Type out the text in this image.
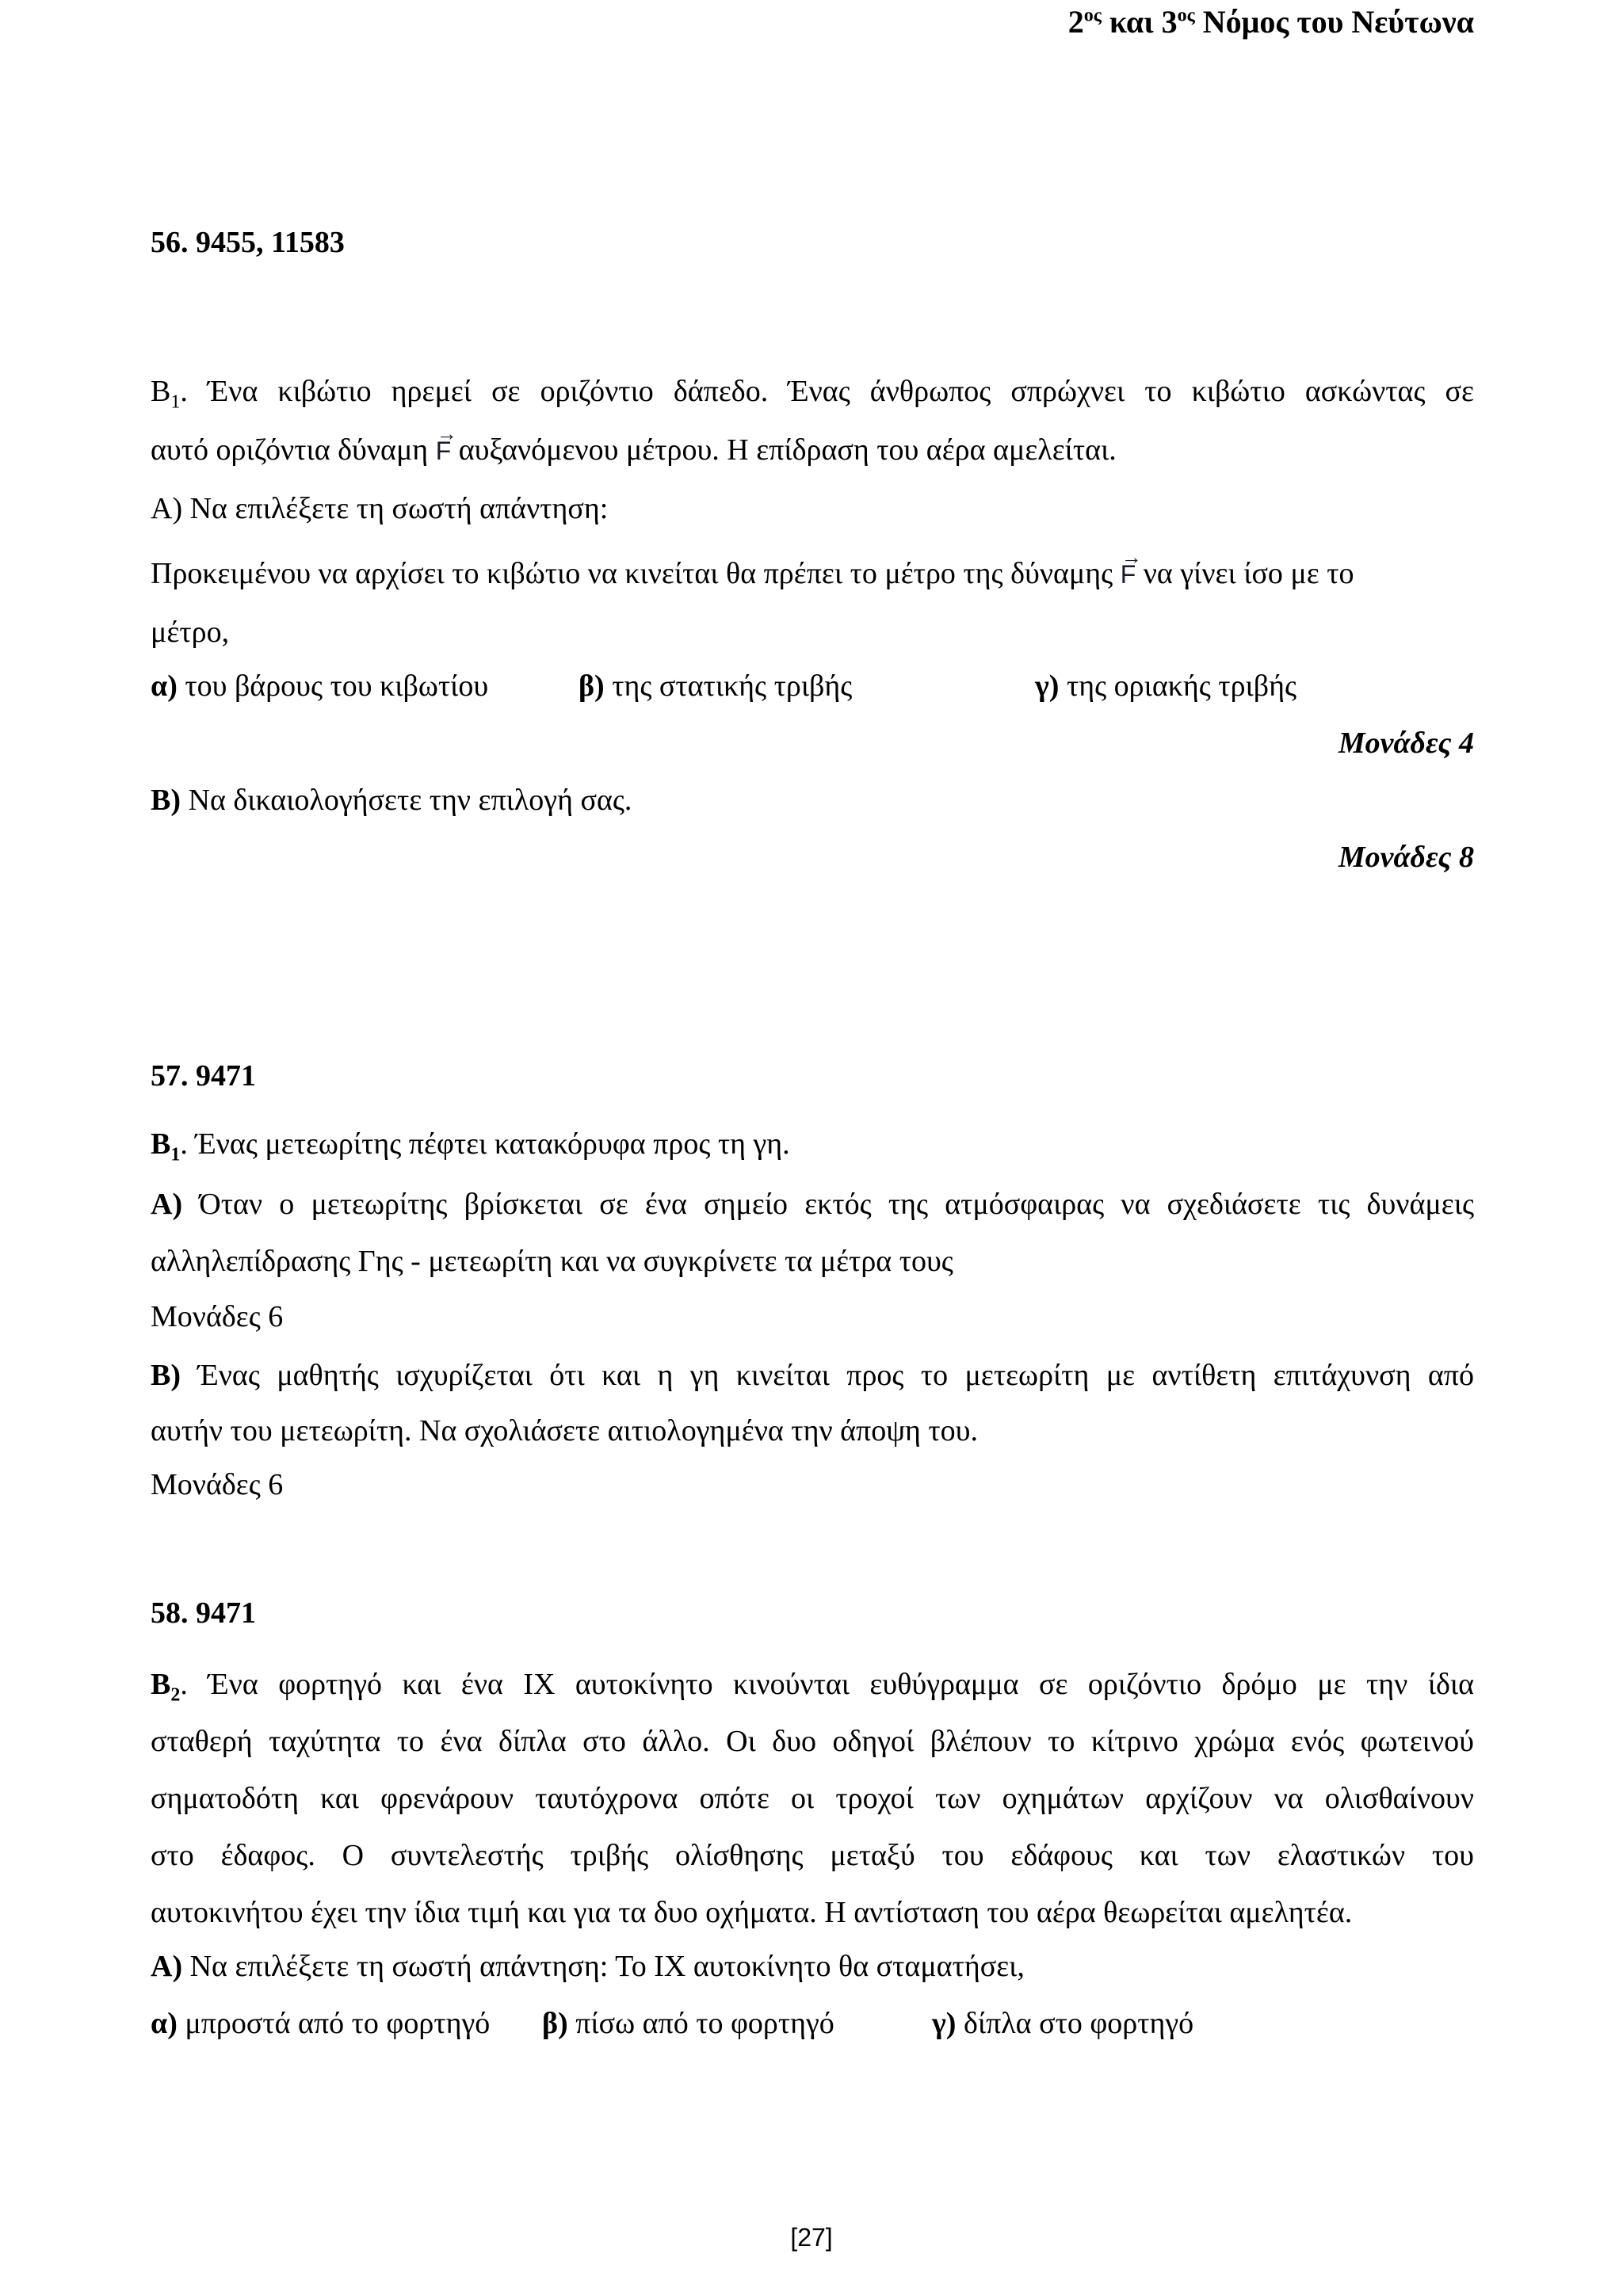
$2^{o\varsigma}$ και $3^{o\varsigma}$ Νόμος του Νεύτωνα
56. 9455, 11583
$B_1$. Ένα κιβώτιο ηρεμεί σε οριζόντιο δάπεδο. Ένας άνθρωπος σπρώχνει το κιβώτιο ασκώντας σε
αυτό οριζόντια δύναμη → F αυξανόμενου μέτρου. Η επίδραση του αέρα αμελείται.
Α) Να επιλέξετε τη σωστή απάντηση:
Προκειμένου να αρχίσει το κιβώτιο να κινείται θα πρέπει το μέτρο της δύναμης → F να γίνει ίσο με το
μέτρο,
α) του βάρους του κιβωτίου	β) της στατικής τριβής	γ) της οριακής τριβής
Μονάδες 4
Β) Να δικαιολογήσετε την επιλογή σας.
Μονάδες 8
57. 9471
$B_1$. Ένας μετεωρίτης πέφτει κατακόρυφα προς τη γη.
Α) Όταν ο μετεωρίτης βρίσκεται σε ένα σημείο εκτός της ατμόσφαιρας να σχεδιάσετε τις δυνάμεις
αλληλεπίδρασης Γης - μετεωρίτη και να συγκρίνετε τα μέτρα τους
Μονάδες 6
Β) Ένας μαθητής ισχυρίζεται ότι και η γη κινείται προς το μετεωρίτη με αντίθετη επιτάχυνση από
αυτήν του μετεωρίτη. Να σχολιάσετε αιτιολογημένα την άποψη του.
Μονάδες 6
58. 9471
$B_2$. Ένα φορτηγό και ένα ΙΧ αυτοκίνητο κινούνται ευθύγραμμα σε οριζόντιο δρόμο με την ίδια
σταθερή ταχύτητα το ένα δίπλα στο άλλο. Οι δυο οδηγοί βλέπουν το κίτρινο χρώμα ενός φωτεινού
σηματοδότη και φρενάρουν ταυτόχρονα οπότε οι τροχοί των οχημάτων αρχίζουν να ολισθαίνουν
στο έδαφος. Ο συντελεστής τριβής ολίσθησης μεταξύ του εδάφους και των ελαστικών του
αυτοκινήτου έχει την ίδια τιμή και για τα δυο οχήματα. Η αντίσταση του αέρα θεωρείται αμελητέα.
Α) Να επιλέξετε τη σωστή απάντηση: Το ΙΧ αυτοκίνητο θα σταματήσει,
α) μπροστά από το φορτηγό β) πίσω από το φορτηγό	γ) δίπλα στο φορτηγό
[27]
